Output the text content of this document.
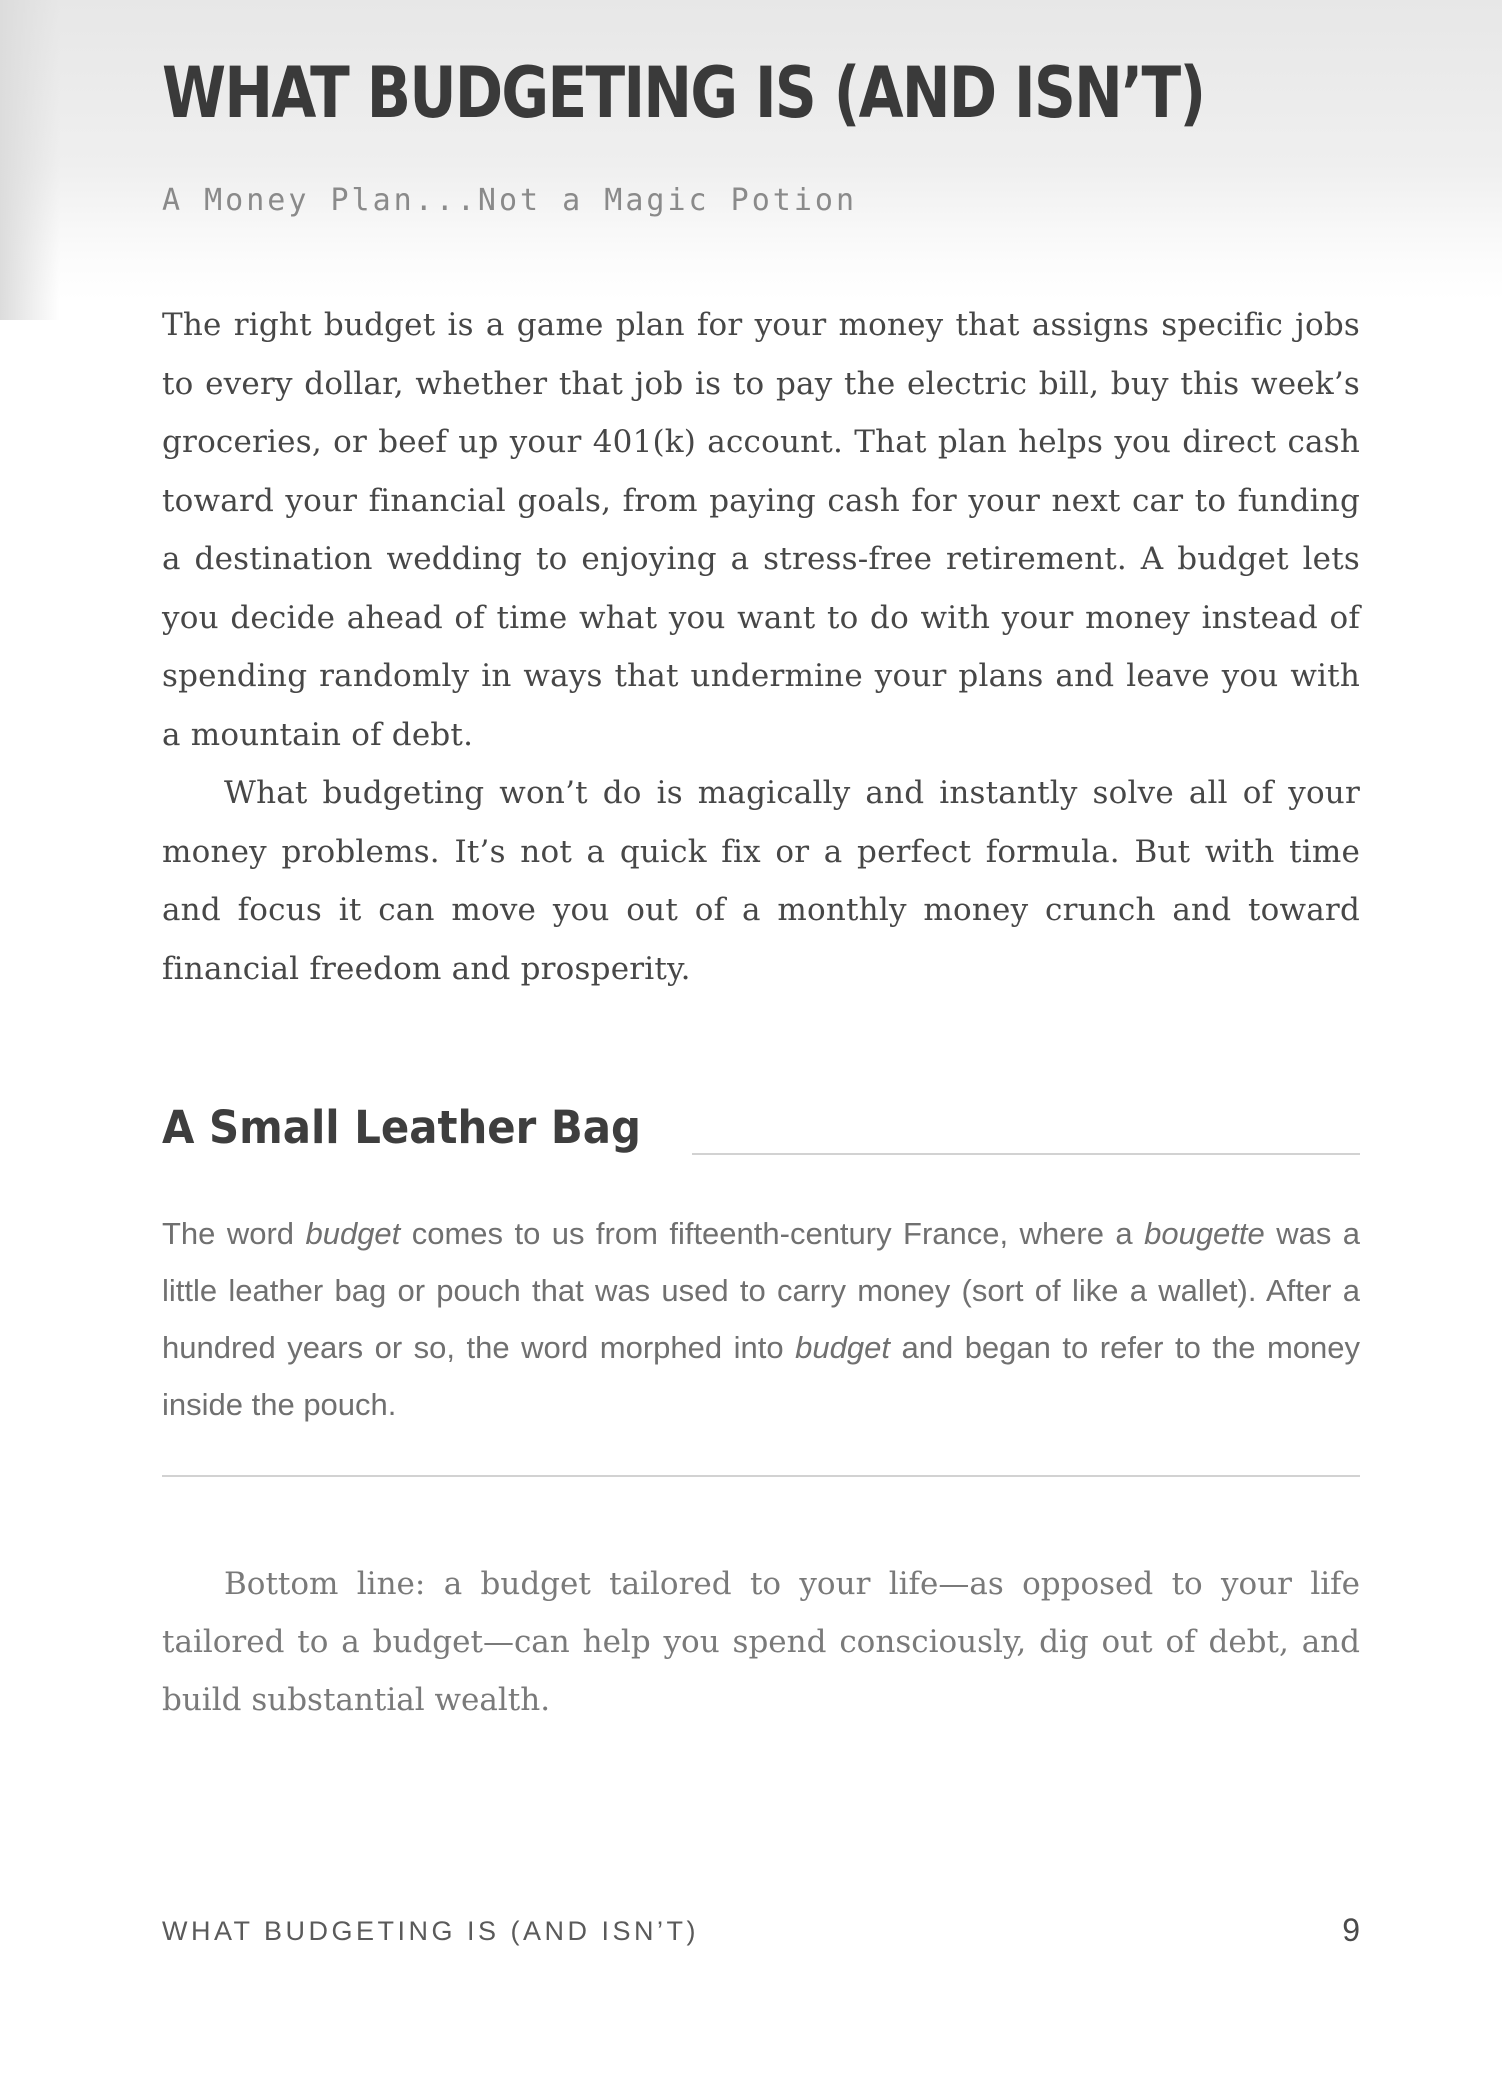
WHAT BUDGETING IS (AND ISN’T)
A Money Plan...Not a Magic Potion

The right budget is a game plan for your money that assigns specific jobs to every dollar, whether that job is to pay the electric bill, buy this week’s groceries, or beef up your 401(k) account. That plan helps you direct cash toward your financial goals, from paying cash for your next car to funding a destination wedding to enjoying a stress-free retirement. A budget lets you decide ahead of time what you want to do with your money instead of spending randomly in ways that undermine your plans and leave you with a mountain of debt.

What budgeting won’t do is magically and instantly solve all of your money problems. It’s not a quick fix or a perfect formula. But with time and focus it can move you out of a monthly money crunch and toward financial freedom and prosperity.

A Small Leather Bag

The word budget comes to us from fifteenth-century France, where a bougette was a little leather bag or pouch that was used to carry money (sort of like a wallet). After a hundred years or so, the word morphed into budget and began to refer to the money inside the pouch.

Bottom line: a budget tailored to your life—as opposed to your life tailored to a budget—can help you spend consciously, dig out of debt, and build substantial wealth.

WHAT BUDGETING IS (AND ISN’T)	9
